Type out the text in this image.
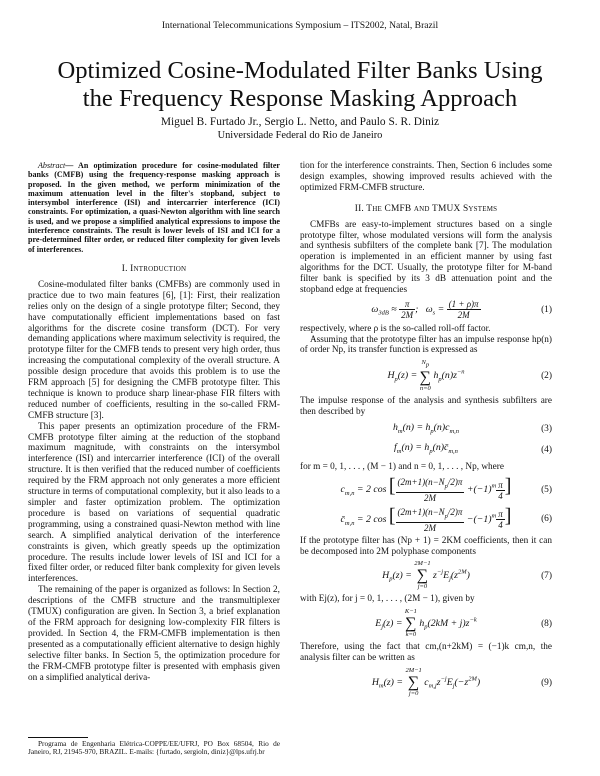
International Telecommunications Symposium – ITS2002, Natal, Brazil
Optimized Cosine-Modulated Filter Banks Using
the Frequency Response Masking Approach
Miguel B. Furtado Jr., Sergio L. Netto, and Paulo S. R. Diniz
Universidade Federal do Rio de Janeiro

Abstract— An optimization procedure for cosine-modulated filter banks (CMFB) using the frequency-response masking approach is proposed. In the given method, we perform minimization of the maximum attenuation level in the filter's stopband, subject to intersymbol interference (ISI) and intercarrier interference (ICI) constraints. For optimization, a quasi-Newton algorithm with line search is used, and we propose a simplified analytical expressions to impose the interference constraints. The result is lower levels of ISI and ICI for a pre-determined filter order, or reduced filter complexity for given levels of interferences.

I. Introduction

Cosine-modulated filter banks (CMFBs) are commonly used in practice due to two main features [6], [1]: First, their realization relies only on the design of a single prototype filter; Second, they have computationally efficient implementations based on fast algorithms for the discrete cosine transform (DCT). For very demanding applications where maximum selectivity is required, the prototype filter for the CMFB tends to present very high order, thus increasing the computational complexity of the overall structure. A possible design procedure that avoids this problem is to use the FRM approach [5] for designing the CMFB prototype filter. This technique is known to produce sharp linear-phase FIR filters with reduced number of coefficients, resulting in the so-called FRM-CMFB structure [3].

This paper presents an optimization procedure of the FRM-CMFB prototype filter aiming at the reduction of the stopband maximum magnitude, with constraints on the intersymbol interference (ISI) and intercarrier interference (ICI) of the overall structure. It is then verified that the reduced number of coefficients required by the FRM approach not only generates a more efficient structure in terms of computational complexity, but it also leads to a simpler and faster optimization problem. The optimization procedure is based on variations of sequential quadratic programming, using a constrained quasi-Newton method with line search. A simplified analytical derivation of the interference constraints is given, which greatly speeds up the optimization procedure. The results include lower levels of ISI and ICI for a fixed filter order, or reduced filter bank complexity for given levels interferences.

The remaining of the paper is organized as follows: In Section 2, descriptions of the CMFB structure and the transmultiplexer (TMUX) configuration are given. In Section 3, a brief explanation of the FRM approach for designing low-complexity FIR filters is provided. In Section 4, the FRM-CMFB implementation is then presented as a computationally efficient alternative to design highly selective filter banks. In Section 5, the optimization procedure for the FRM-CMFB prototype filter is presented with emphasis given on a simplified analytical deriva-

Programa de Engenharia Elétrica-COPPE/EE/UFRJ, PO Box 68504, Rio de Janeiro, RJ, 21945-970, BRAZIL. E-mails: {furtado, sergioln, diniz}@lps.ufrj.br

tion for the interference constraints. Then, Section 6 includes some design examples, showing improved results achieved with the optimized FRM-CMFB structure.

II. The CMFB and TMUX Systems

CMFBs are easy-to-implement structures based on a single prototype filter, whose modulated versions will form the analysis and synthesis subfilters of the complete bank [7]. The modulation operation is implemented in an efficient manner by using fast algorithms for the DCT. Usually, the prototype filter for M-band filter bank is specified by its 3 dB attenuation point and the stopband edge at frequencies

$\omega_{3dB} \approx \frac{\pi}{2M}$ ;   $\omega_s = \frac{(1 + \rho)\pi}{2M}$	(1)

respectively, where ρ is the so-called roll-off factor.

Assuming that the prototype filter has an impulse response hp(n) of order Np, its transfer function is expressed as

$H_p(z)$ =
$N_p$
∑
n=0
$h_p(n)z^{-n}$	(2)

The impulse response of the analysis and synthesis subfilters are then described by

$h_m(n) = h_p(n)c_{m,n}$	(3)
$f_m(n)$ = $h_p(n)c̄_{m,n}$	(4)

for m = 0, 1, . . . , (M − 1) and n = 0, 1, . . . , Np, where

$c_{m,n} = 2$ cos [ $\frac{(2m+1)(n-N_p/2)\pi}{2M} +(-1)^m \frac{\pi}{4}$ ]	(5)
$c̄_{m,n} = 2$ cos [ $\frac{(2m+1)(n-N_p/2)\pi}{2M} -(-1)^m \frac{\pi}{4}$ ]	(6)

If the prototype filter has (Np + 1) = 2KM coefficients, then it can be decomposed into 2M polyphase components

$H_p(z)$ =
2M−1
∑
j=0
$z^{-j}E_j(z^{2M})$	(7)

with Ej(z), for j = 0, 1, . . . , (2M − 1), given by

$E_j(z)$ =
K−1
∑
k=0
$h_p(2kM + j)z^{-k}$	(8)

Therefore, using the fact that cm,(n+2kM) = (−1)k cm,n, the analysis filter can be written as

$H_m(z)$ =
2M−1
∑
j=0
$c_{m,j}z^{-j}E_j(-z^{2M})$	(9)
